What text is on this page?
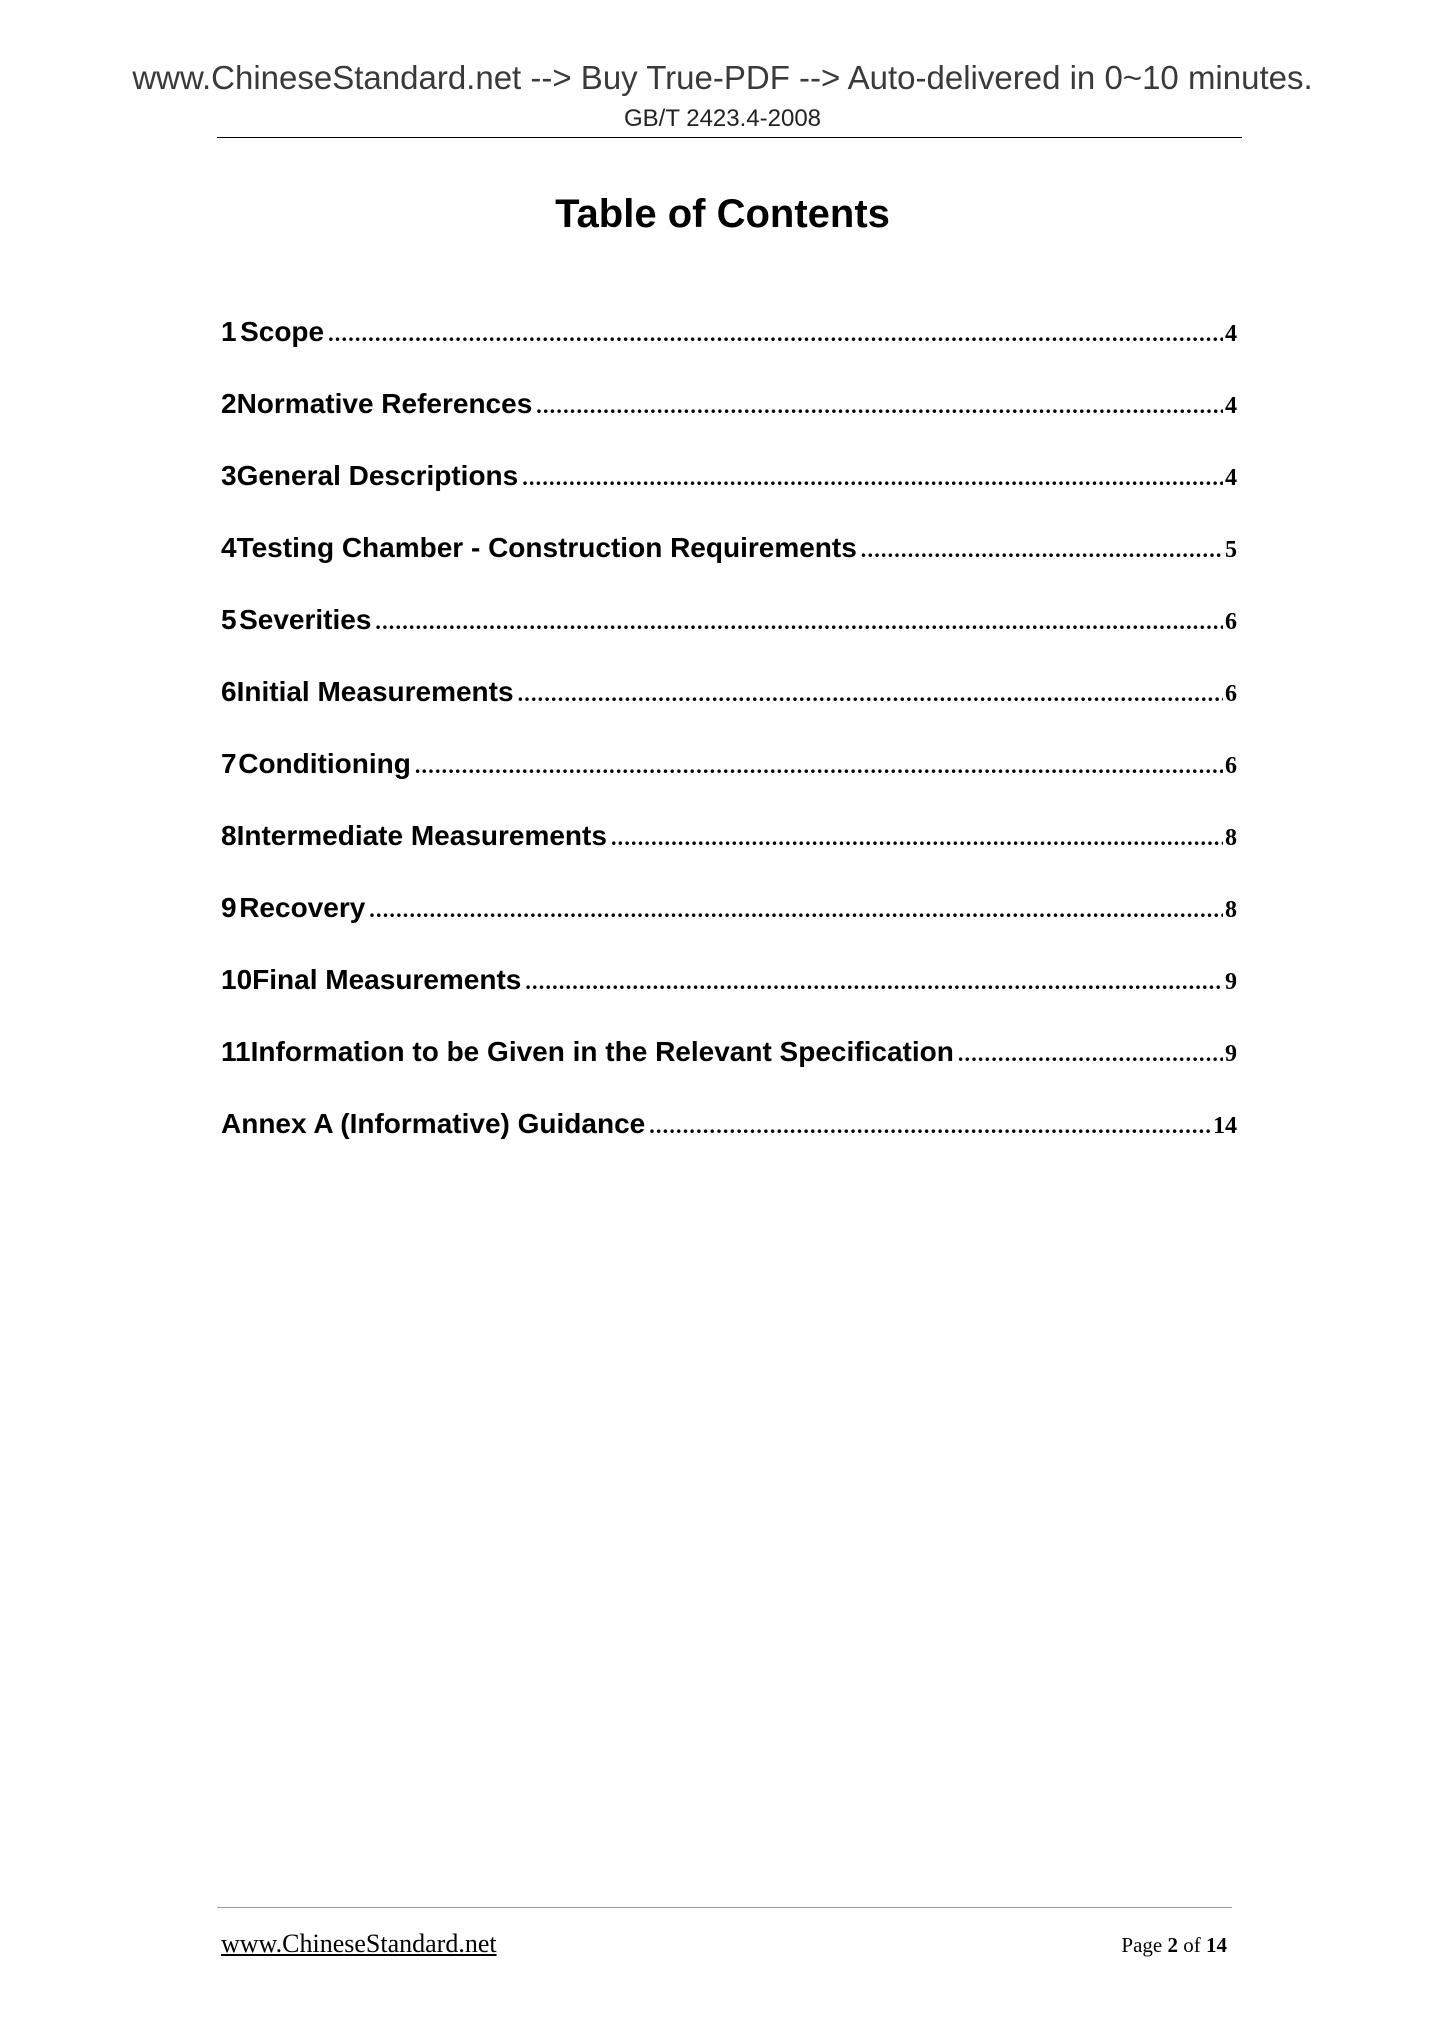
www.ChineseStandard.net --> Buy True-PDF --> Auto-delivered in 0~10 minutes.
GB/T 2423.4-2008
Table of Contents
1 Scope .....	4
2 Normative References .....	4
3 General Descriptions .....	4
4 Testing Chamber - Construction Requirements .....	5
5 Severities .....	6
6 Initial Measurements .....	6
7 Conditioning .....	6
8 Intermediate Measurements .....	8
9 Recovery .....	8
10 Final Measurements .....	9
11 Information to be Given in the Relevant Specification .....	9
Annex A (Informative) Guidance .....	14
www.ChineseStandard.net	Page 2 of 14
